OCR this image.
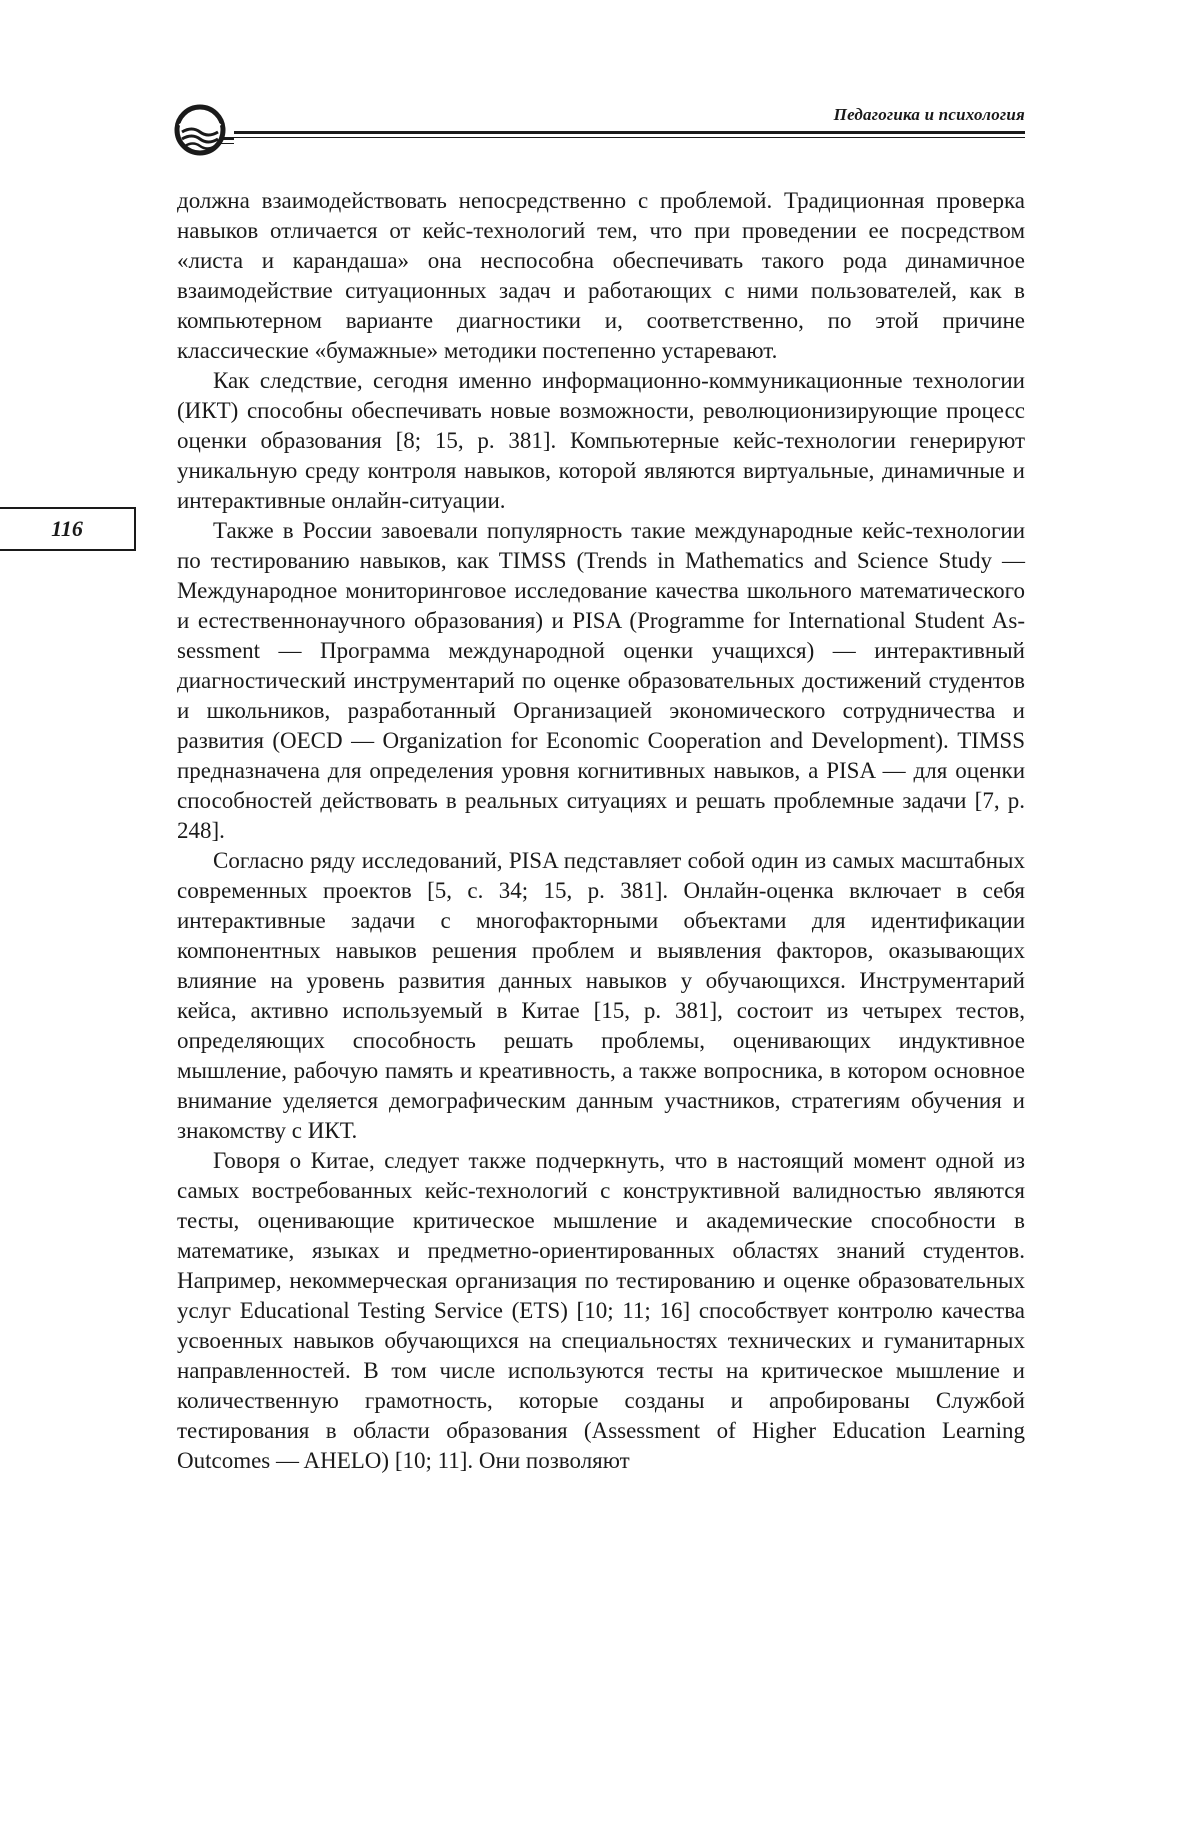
Педагогика и психология
116

должна взаимодействовать непосредственно с проблемой. Традиционная проверка навыков отличается от кейс-технологий тем, что при проведении ее посредством «листа и карандаша» она неспособна обеспечивать такого рода динамичное взаимодействие ситуационных задач и работающих с ними пользователей, как в компьютерном варианте диагностики и, соответственно, по этой причине классические «бумажные» методики постепенно устаревают.

Как следствие, сегодня именно информационно-коммуникационные технологии (ИКТ) способны обеспечивать новые возможности, революционизирующие процесс оценки образования [8; 15, р. 381]. Компьютерные кейс-технологии генерируют уникальную среду контроля навыков, которой являются виртуальные, динамичные и интерактивные онлайн-ситуации.

Также в России завоевали популярность такие международные кейс-технологии по тестированию навыков, как TIMSS (Trends in Mathematics and Science Study — Международное мониторинговое исследование качества школьного математического и естественнонаучного образования) и PISA (Programme for International Student Assessment — Программа международной оценки учащихся) — интерактивный диагностический инструментарий по оценке образовательных достижений студентов и школьников, разработанный Организацией экономического сотрудничества и развития (OECD — Organization for Economic Cooperation and Development). TIMSS предназначена для определения уровня когнитивных навыков, а PISA — для оценки способностей действовать в реальных ситуациях и решать проблемные задачи [7, р. 248].

Согласно ряду исследований, PISA педставляет собой один из самых масштабных современных проектов [5, с. 34; 15, р. 381]. Онлайн-оценка включает в себя интерактивные задачи с многофакторными объектами для идентификации компонентных навыков решения проблем и выявления факторов, оказывающих влияние на уровень развития данных навыков у обучающихся. Инструментарий кейса, активно используемый в Китае [15, р. 381], состоит из четырех тестов, определяющих способность решать проблемы, оценивающих индуктивное мышление, рабочую память и креативность, а также вопросника, в котором основное внимание уделяется демографическим данным участников, стратегиям обучения и знакомству с ИКТ.

Говоря о Китае, следует также подчеркнуть, что в настоящий момент одной из самых востребованных кейс-технологий с конструктивной валидностью являются тесты, оценивающие критическое мышление и академические способности в математике, языках и предметно-ориентированных областях знаний студентов. Например, некоммерческая организация по тестированию и оценке образовательных услуг Educational Testing Service (ETS) [10; 11; 16] способствует контролю качества усвоенных навыков обучающихся на специальностях технических и гуманитарных направленностей. В том числе используются тесты на критическое мышление и количественную грамотность, которые созданы и апробированы Службой тестирования в области образования (Assessment of Higher Education Learning Outcomes — AHELO) [10; 11]. Они позволяют
